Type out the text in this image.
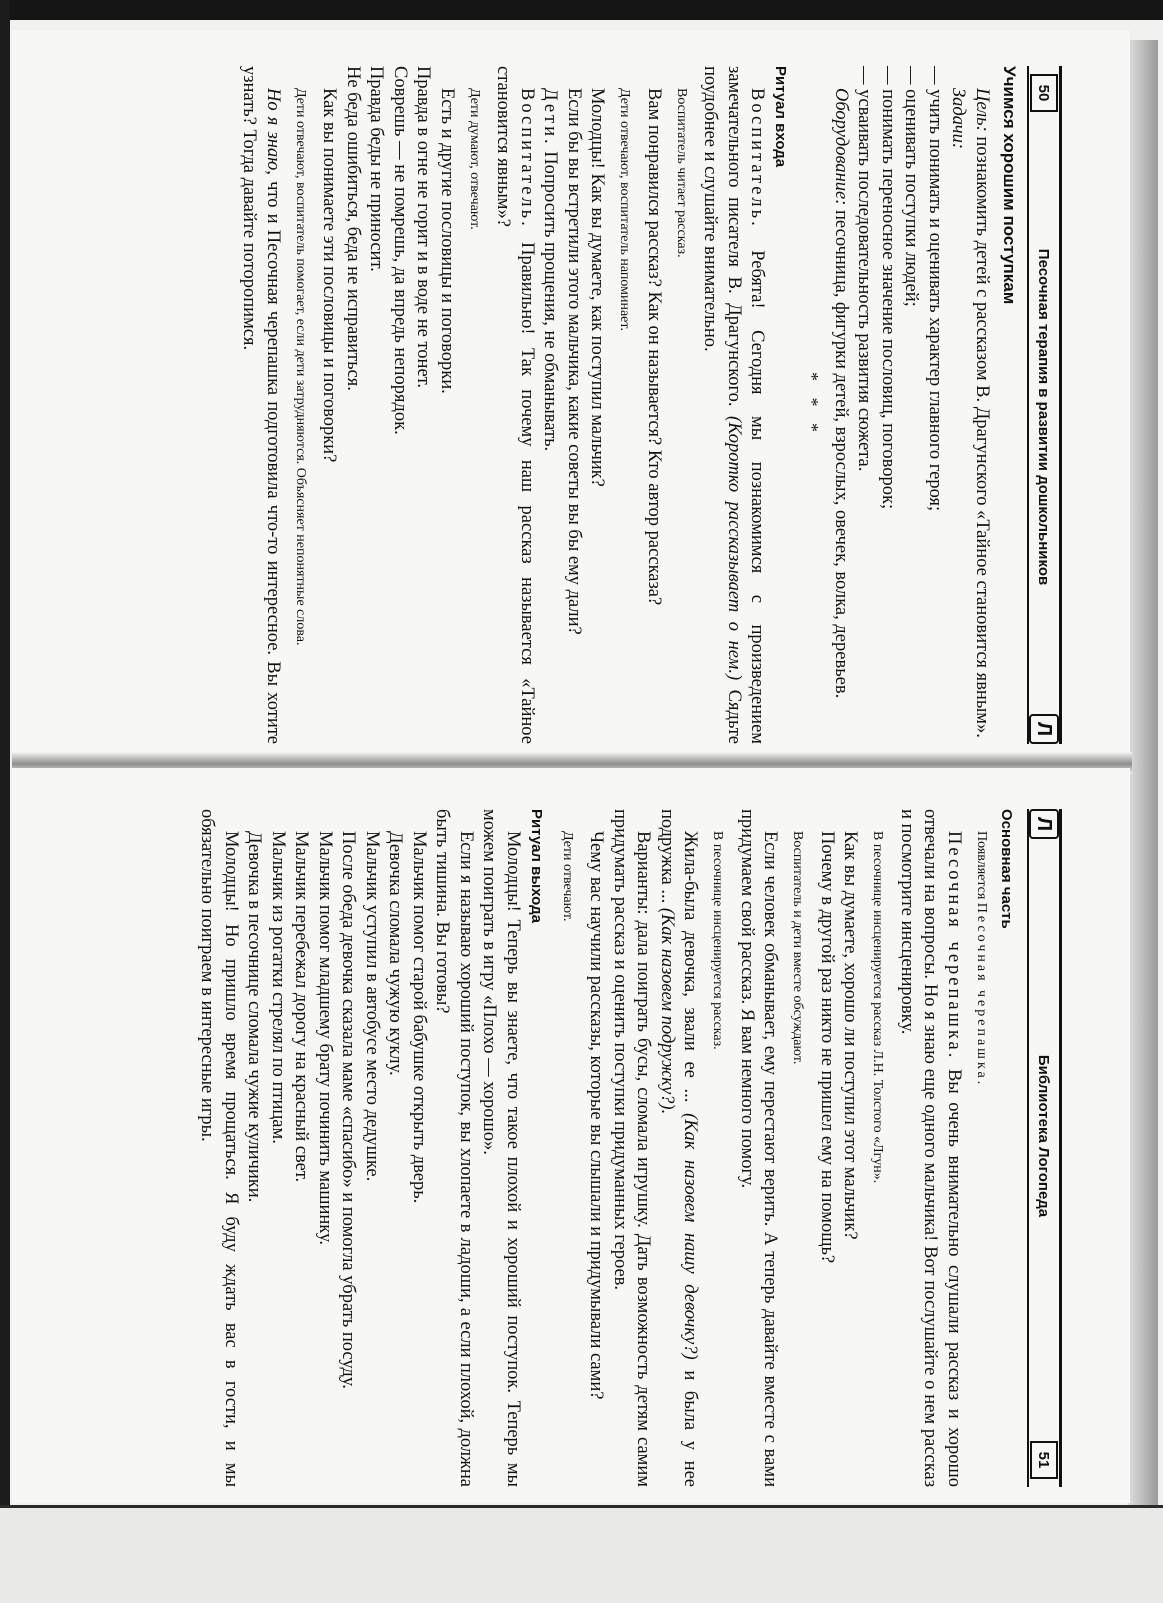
50
Песочная терапия в развитии дошкольников
Л
Учимся хорошим поступкам

Цель: познакомить детей с рассказом В. Драгунского «Тайное становится явным».

Задачи:

— учить понимать и оценивать характер главного героя;

— оценивать поступки людей;

— понимать переносное значение пословиц, поговорок;

— усваивать последовательность развития сюжета.

Оборудование: песочница, фигурки детей, взрослых, овечек, волка, деревьев.

* * *
Ритуал входа

Воспитатель. Ребята! Сегодня мы познакомимся с произведением замечательного писателя В. Драгунского. (Коротко рассказывает о нем.) Сядьте поудобнее и слушайте внимательно.

Воспитатель читает рассказ.

Вам понравился рассказ? Как он называется? Кто автор рассказа?

Дети отвечают, воспитатель напоминает.

Молодцы! Как вы думаете, как поступил мальчик?

Если бы вы встретили этого мальчика, какие советы вы бы ему дали?

Дети. Попросить прощения, не обманывать.

Воспитатель. Правильно! Так почему наш рассказ называется «Тайное становится явным»?

Дети думают, отвечают.

Есть и другие пословицы и поговорки.

Правда в огне не горит и в воде не тонет.

Соврешь — не помрешь, да впредь непорядок.

Правда беды не приносит.

Не беда ошибиться, беда не исправиться.

Как вы понимаете эти пословицы и поговорки?

Дети отвечают, воспитатель помогает, если дети затрудняются. Объясняет непонятные слова.

Но я знаю, что и Песочная черепашка подготовила что-то интересное. Вы хотите узнать? Тогда давайте поторопимся.

Л
Библиотека Логопеда
51
Основная часть

Появляется Песочная черепашка.

Песочная черепашка. Вы очень внимательно слушали рассказ и хорошо отвечали на вопросы. Но я знаю еще одного мальчика! Вот послушайте о нем рассказ и посмотрите инсценировку.

В песочнице инсценируется рассказ Л.Н. Толстого «Лгун».

Как вы думаете, хорошо ли поступил этот мальчик?

Почему в другой раз никто не пришел ему на помощь?

Воспитатель и дети вместе обсуждают.

Если человек обманывает, ему перестают верить. А теперь давайте вместе с вами придумаем свой рассказ. Я вам немного помогу.

В песочнице инсценируется рассказ.

Жила-была девочка, звали ее ... (Как назовем нашу девочку?) и была у нее подружка ... (Как назовем подружку?).

Варианты: дала поиграть бусы, сломала игрушку. Дать возможность детям самим придумать рассказ и оценить поступки придуманных героев.

Чему вас научили рассказы, которые вы слышали и придумывали сами?

Дети отвечают.

Ритуал выхода

Молодцы! Теперь вы знаете, что такое плохой и хороший поступок. Теперь мы можем поиграть в игру «Плохо — хорошо».

Если я называю хороший поступок, вы хлопаете в ладоши, а если плохой, должна быть тишина. Вы готовы?

Мальчик помог старой бабушке открыть дверь.

Девочка сломала чужую куклу.

Мальчик уступил в автобусе место дедушке.

После обеда девочка сказала маме «спасибо» и помогла убрать посуду.

Мальчик помог младшему брату починить машинку.

Мальчик перебежал дорогу на красный свет.

Мальчик из рогатки стрелял по птицам.

Девочка в песочнице сломала чужие куличики.

Молодцы! Но пришло время прощаться. Я буду ждать вас в гости, и мы обязательно поиграем в интересные игры.
